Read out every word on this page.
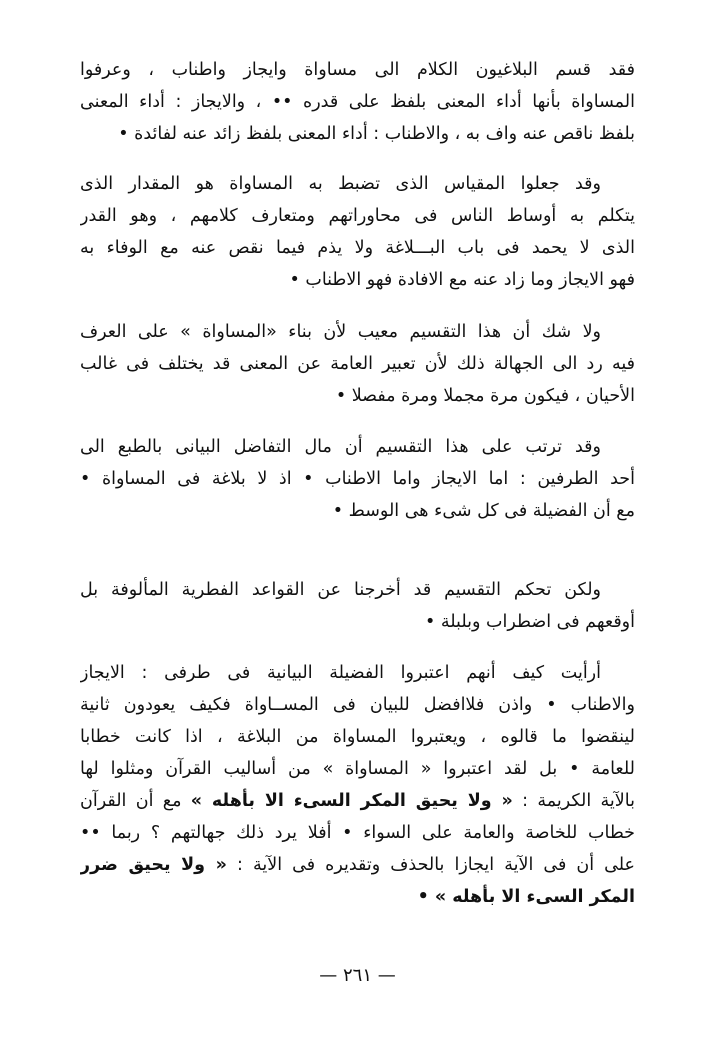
فقد قسم البلاغيون الكلام الى مساواة وايجاز واطناب ، وعرفوا
المساواة بأنها أداء المعنى بلفظ على قدره •• ، والايجاز : أداء المعنى
بلفظ ناقص عنه واف به ، والاطناب : أداء المعنى بلفظ زائد عنه لفائدة •
وقد جعلوا المقياس الذى تضبط به المساواة هو المقدار الذى
يتكلم به أوساط الناس فى محاوراتهم ومتعارف كلامهم ، وهو القدر
الذى لا يحمد فى باب البـــلاغة ولا يذم فيما نقص عنه مع الوفاء به
فهو الايجاز وما زاد عنه مع الافادة فهو الاطناب •
ولا شك أن هذا التقسيم معيب لأن بناء «المساواة » على العرف
فيه رد الى الجهالة ذلك لأن تعبير العامة عن المعنى قد يختلف فى غالب
الأحيان ، فيكون مرة مجملا ومرة مفصلا •
وقد ترتب على هذا التقسيم أن مال التفاضل البيانى بالطبع الى
أحد الطرفين : اما الايجاز واما الاطناب • اذ لا بلاغة فى المساواة •
مع أن الفضيلة فى كل شىء هى الوسط •
ولكن تحكم التقسيم قد أخرجنا عن القواعد الفطرية المألوفة بل
أوقعهم فى اضطراب وبلبلة •
أرأيت كيف أنهم اعتبروا الفضيلة البيانية فى طرفى : الايجاز
والاطناب • واذن فلاافضل للبيان فى المســاواة فكيف يعودون ثانية
لينقضوا ما قالوه ، ويعتبروا المساواة من البلاغة ، اذا كانت خطابا
للعامة • بل لقد اعتبروا « المساواة » من أساليب القرآن ومثلوا لها
بالآية الكريمة : « ولا يحيق المكر السىء الا بأهله » مع أن القرآن
خطاب للخاصة والعامة على السواء • أفلا يرد ذلك جهالتهم ؟ ربما ••
على أن فى الآية ايجازا بالحذف وتقديره فى الآية : « ولا يحيق ضرر
المكر السىء الا بأهله » •
— ٢٦١ —
